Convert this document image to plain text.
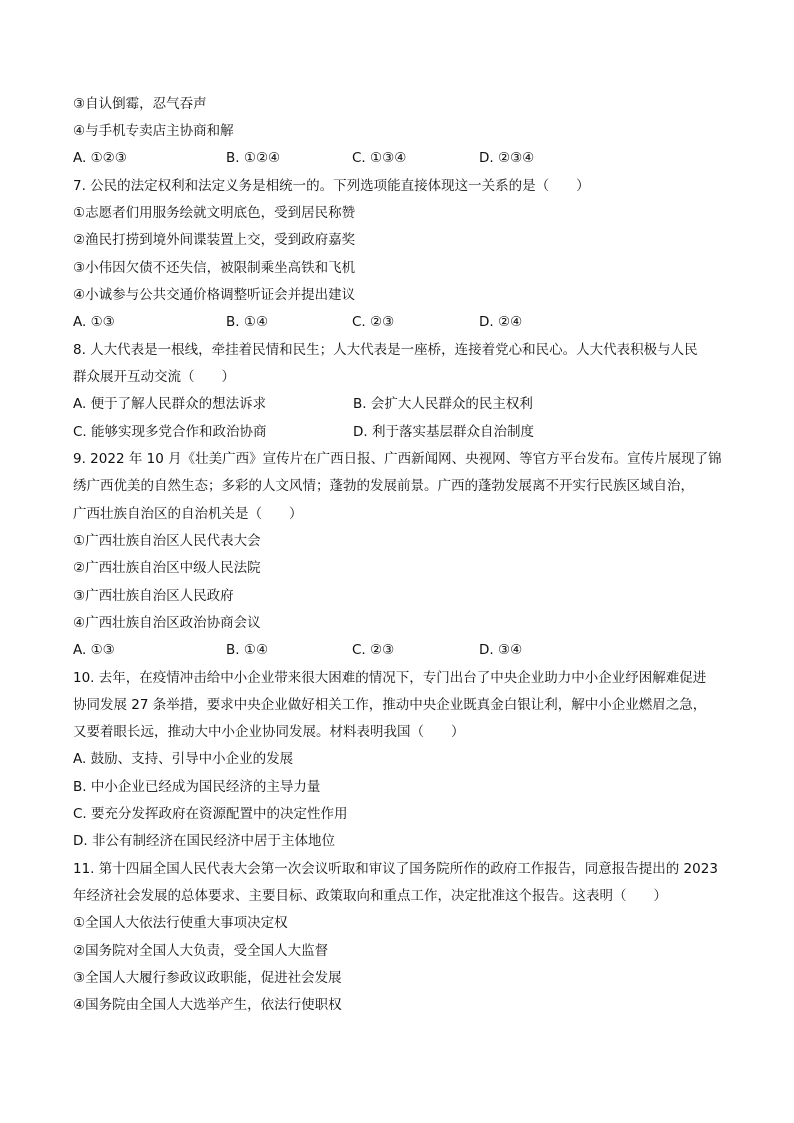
③自认倒霉，忍气吞声
④与手机专卖店主协商和解
A. ①②③	B. ①②④	C. ①③④	D. ②③④
7. 公民的法定权利和法定义务是相统一的。下列选项能直接体现这一关系的是（　　）
①志愿者们用服务绘就文明底色，受到居民称赞
②渔民打捞到境外间谍装置上交，受到政府嘉奖
③小伟因欠债不还失信，被限制乘坐高铁和飞机
④小诚参与公共交通价格调整听证会并提出建议
A. ①③	B. ①④	C. ②③	D. ②④
8. 人大代表是一根线，牵挂着民情和民生；人大代表是一座桥，连接着党心和民心。人大代表积极与人民
群众展开互动交流（　　）
A. 便于了解人民群众的想法诉求	B. 会扩大人民群众的民主权利
C. 能够实现多党合作和政治协商	D. 利于落实基层群众自治制度
9. 2022 年 10 月《壮美广西》宣传片在广西日报、广西新闻网、央视网、等官方平台发布。宣传片展现了锦
绣广西优美的自然生态；多彩的人文风情；蓬勃的发展前景。广西的蓬勃发展离不开实行民族区域自治，
广西壮族自治区的自治机关是（　　）
①广西壮族自治区人民代表大会
②广西壮族自治区中级人民法院
③广西壮族自治区人民政府
④广西壮族自治区政治协商会议
A. ①③	B. ①④	C. ②③	D. ③④
10. 去年，在疫情冲击给中小企业带来很大困难的情况下，专门出台了中央企业助力中小企业纾困解难促进
协同发展 27 条举措，要求中央企业做好相关工作，推动中央企业既真金白银让利，解中小企业燃眉之急，
又要着眼长远，推动大中小企业协同发展。材料表明我国（　　）
A. 鼓励、支持、引导中小企业的发展
B. 中小企业已经成为国民经济的主导力量
C. 要充分发挥政府在资源配置中的决定性作用
D. 非公有制经济在国民经济中居于主体地位
11. 第十四届全国人民代表大会第一次会议听取和审议了国务院所作的政府工作报告，同意报告提出的 2023
年经济社会发展的总体要求、主要目标、政策取向和重点工作，决定批准这个报告。这表明（　　）
①全国人大依法行使重大事项决定权
②国务院对全国人大负责，受全国人大监督
③全国人大履行参政议政职能，促进社会发展
④国务院由全国人大选举产生，依法行使职权
